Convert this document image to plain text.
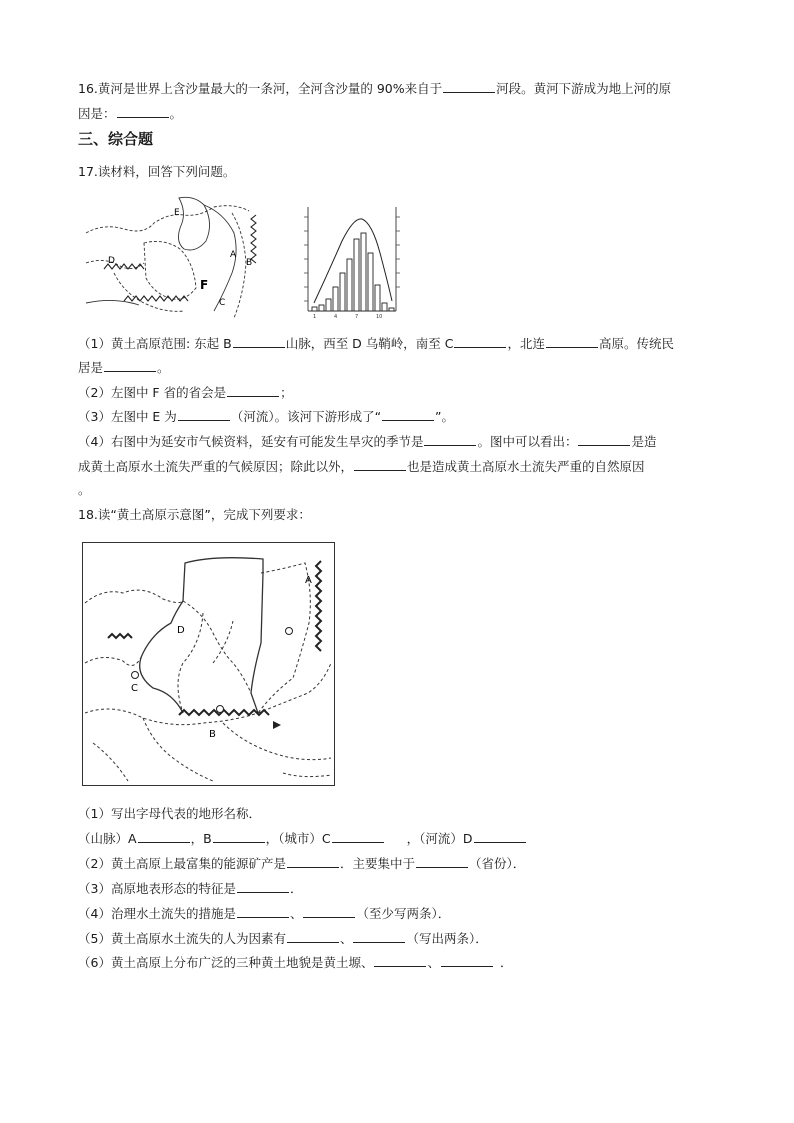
16.黄河是世界上含沙量最大的一条河，全河含沙量的 90%来自于	河段。黄河下游成为地上河的原
因是：	。
三、综合题
17.读材料，回答下列问题。
E
D
A
B
F
C
1	4	7	10
（1）黄土高原范围: 东起 B	山脉，西至 D 乌鞘岭，南至 C	，北连	高原。传统民
居是	。
（2）左图中 F 省的省会是	；
（3）左图中 E 为	（河流）。该河下游形成了“	”。
（4）右图中为延安市气候资料，延安有可能发生旱灾的季节是	。图中可以看出：	是造
成黄土高原水土流失严重的气候原因；除此以外，	也是造成黄土高原水土流失严重的自然原因
。
18.读“黄土高原示意图”，完成下列要求：
A
B
C
D
（1）写出字母代表的地形名称．
（山脉）A	，B	，（城市）C	，（河流）D
（2）黄土高原上最富集的能源矿产是	．主要集中于	（省份）．
（3）高原地表形态的特征是	．
（4）治理水土流失的措施是	、	（至少写两条）．
（5）黄土高原水土流失的人为因素有	、	（写出两条）．
（6）黄土高原上分布广泛的三种黄土地貌是黄土塬、	、	．
